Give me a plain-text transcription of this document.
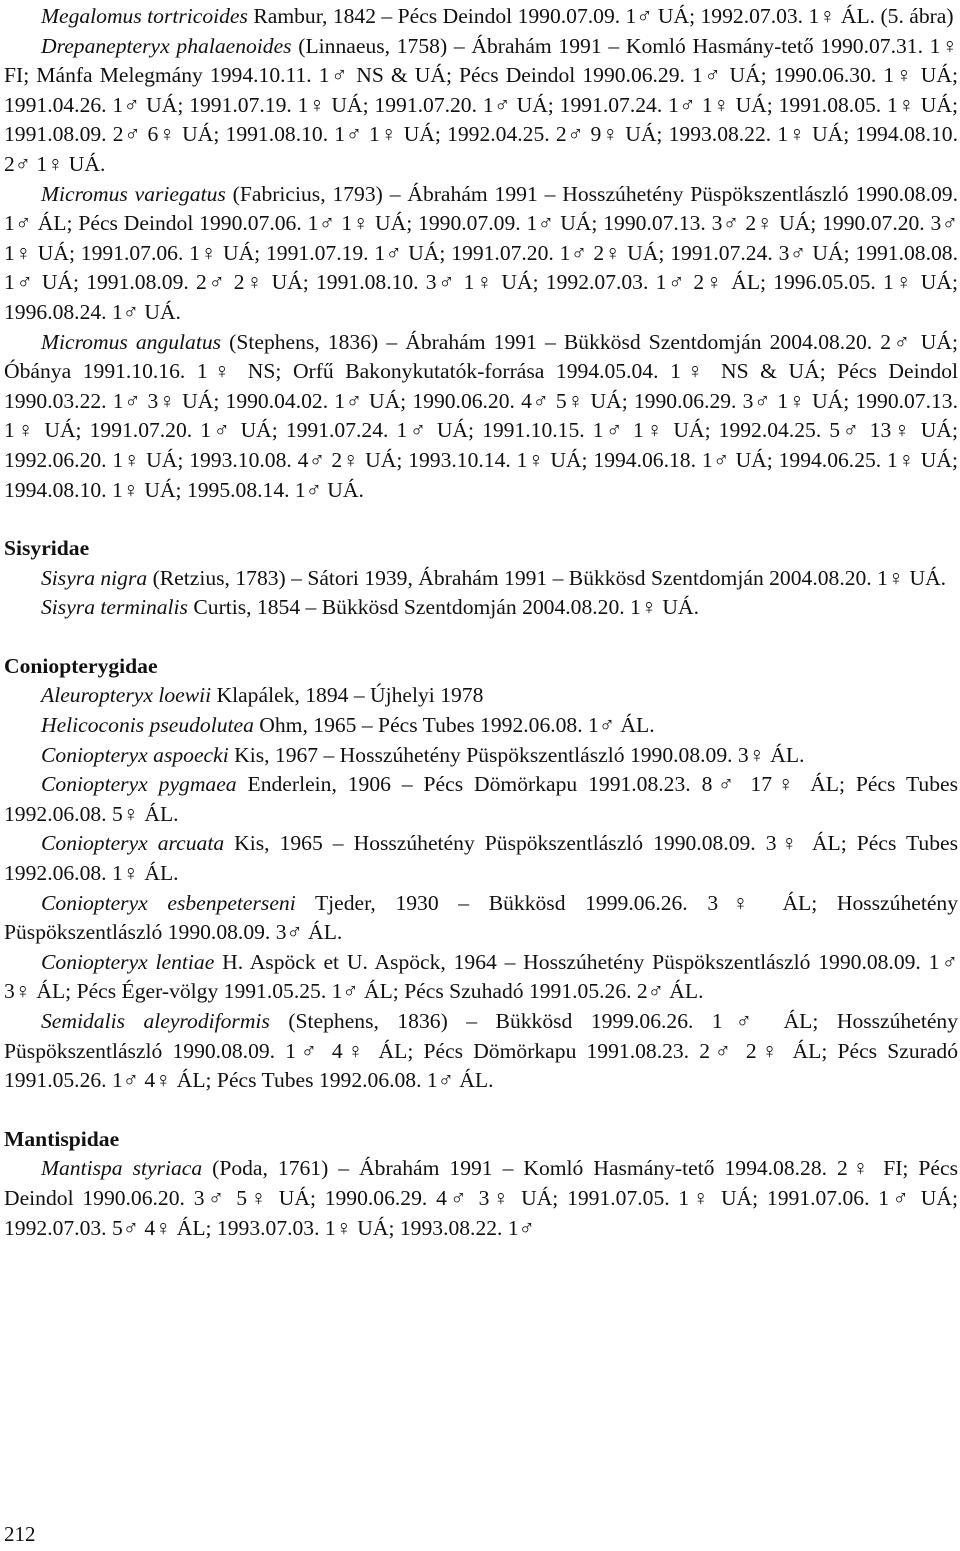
Megalomus tortricoides Rambur, 1842 – Pécs Deindol 1990.07.09. 1♂ UÁ; 1992.07.03. 1♀ ÁL. (5. ábra)

Drepanepteryx phalaenoides (Linnaeus, 1758) – Ábrahám 1991 – Komló Hasmány-tető 1990.07.31. 1♀ FI; Mánfa Melegmány 1994.10.11. 1♂ NS & UÁ; Pécs Deindol 1990.06.29. 1♂ UÁ; 1990.06.30. 1♀ UÁ; 1991.04.26. 1♂ UÁ; 1991.07.19. 1♀ UÁ; 1991.07.20. 1♂ UÁ; 1991.07.24. 1♂ 1♀ UÁ; 1991.08.05. 1♀ UÁ; 1991.08.09. 2♂ 6♀ UÁ; 1991.08.10. 1♂ 1♀ UÁ; 1992.04.25. 2♂ 9♀ UÁ; 1993.08.22. 1♀ UÁ; 1994.08.10. 2♂ 1♀ UÁ.

Micromus variegatus (Fabricius, 1793) – Ábrahám 1991 – Hosszúhetény Püspökszentlászló 1990.08.09. 1♂ ÁL; Pécs Deindol 1990.07.06. 1♂ 1♀ UÁ; 1990.07.09. 1♂ UÁ; 1990.07.13. 3♂ 2♀ UÁ; 1990.07.20. 3♂ 1♀ UÁ; 1991.07.06. 1♀ UÁ; 1991.07.19. 1♂ UÁ; 1991.07.20. 1♂ 2♀ UÁ; 1991.07.24. 3♂ UÁ; 1991.08.08. 1♂ UÁ; 1991.08.09. 2♂ 2♀ UÁ; 1991.08.10. 3♂ 1♀ UÁ; 1992.07.03. 1♂ 2♀ ÁL; 1996.05.05. 1♀ UÁ; 1996.08.24. 1♂ UÁ.

Micromus angulatus (Stephens, 1836) – Ábrahám 1991 – Bükkösd Szentdomján 2004.08.20. 2♂ UÁ; Óbánya 1991.10.16. 1♀ NS; Orfű Bakonykutatók-forrása 1994.05.04. 1♀ NS & UÁ; Pécs Deindol 1990.03.22. 1♂ 3♀ UÁ; 1990.04.02. 1♂ UÁ; 1990.06.20. 4♂ 5♀ UÁ; 1990.06.29. 3♂ 1♀ UÁ; 1990.07.13. 1♀ UÁ; 1991.07.20. 1♂ UÁ; 1991.07.24. 1♂ UÁ; 1991.10.15. 1♂ 1♀ UÁ; 1992.04.25. 5♂ 13♀ UÁ; 1992.06.20. 1♀ UÁ; 1993.10.08. 4♂ 2♀ UÁ; 1993.10.14. 1♀ UÁ; 1994.06.18. 1♂ UÁ; 1994.06.25. 1♀ UÁ; 1994.08.10. 1♀ UÁ; 1995.08.14. 1♂ UÁ.

Sisyridae

Sisyra nigra (Retzius, 1783) – Sátori 1939, Ábrahám 1991 – Bükkösd Szentdomján 2004.08.20. 1♀ UÁ.

Sisyra terminalis Curtis, 1854 – Bükkösd Szentdomján 2004.08.20. 1♀ UÁ.

Coniopterygidae

Aleuropteryx loewii Klapálek, 1894 – Újhelyi 1978

Helicoconis pseudolutea Ohm, 1965 – Pécs Tubes 1992.06.08. 1♂ ÁL.

Coniopteryx aspoecki Kis, 1967 – Hosszúhetény Püspökszentlászló 1990.08.09. 3♀ ÁL.

Coniopteryx pygmaea Enderlein, 1906 – Pécs Dömörkapu 1991.08.23. 8♂ 17♀ ÁL; Pécs Tubes 1992.06.08. 5♀ ÁL.

Coniopteryx arcuata Kis, 1965 – Hosszúhetény Püspökszentlászló 1990.08.09. 3♀ ÁL; Pécs Tubes 1992.06.08. 1♀ ÁL.

Coniopteryx esbenpeterseni Tjeder, 1930 – Bükkösd 1999.06.26. 3♀ ÁL; Hosszúhetény Püspökszentlászló 1990.08.09. 3♂ ÁL.

Coniopteryx lentiae H. Aspöck et U. Aspöck, 1964 – Hosszúhetény Püspökszentlászló 1990.08.09. 1♂ 3♀ ÁL; Pécs Éger-völgy 1991.05.25. 1♂ ÁL; Pécs Szuhadó 1991.05.26. 2♂ ÁL.

Semidalis aleyrodiformis (Stephens, 1836) – Bükkösd 1999.06.26. 1♂ ÁL; Hosszúhetény Püspökszentlászló 1990.08.09. 1♂ 4♀ ÁL; Pécs Dömörkapu 1991.08.23. 2♂ 2♀ ÁL; Pécs Szuradó 1991.05.26. 1♂ 4♀ ÁL; Pécs Tubes 1992.06.08. 1♂ ÁL.

Mantispidae

Mantispa styriaca (Poda, 1761) – Ábrahám 1991 – Komló Hasmány-tető 1994.08.28. 2♀ FI; Pécs Deindol 1990.06.20. 3♂ 5♀ UÁ; 1990.06.29. 4♂ 3♀ UÁ; 1991.07.05. 1♀ UÁ; 1991.07.06. 1♂ UÁ; 1992.07.03. 5♂ 4♀ ÁL; 1993.07.03. 1♀ UÁ; 1993.08.22. 1♂

212
